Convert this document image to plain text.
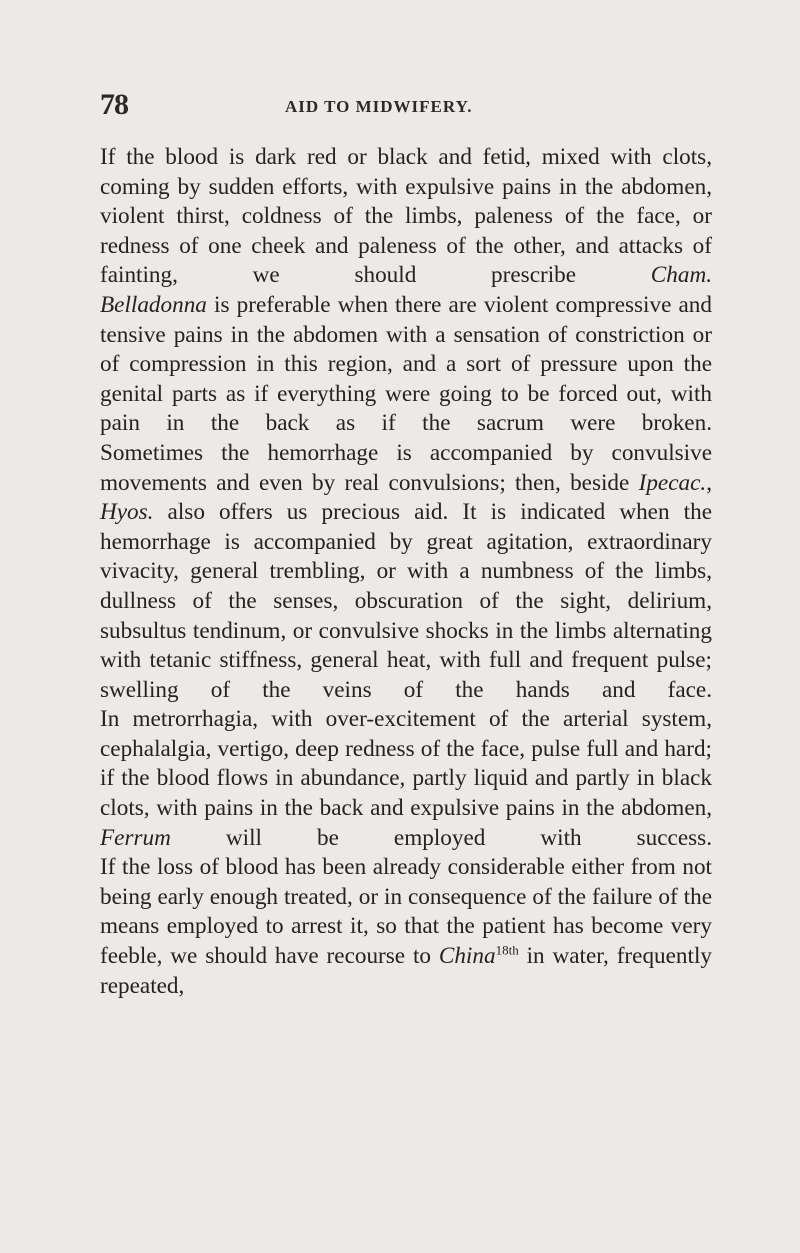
78	AID TO MIDWIFERY.

If the blood is dark red or black and fetid, mixed with clots, coming by sudden efforts, with expulsive pains in the abdomen, violent thirst, coldness of the limbs, paleness of the face, or redness of one cheek and paleness of the other, and attacks of fainting, we should prescribe Cham.

Belladonna is preferable when there are violent compressive and tensive pains in the abdomen with a sensation of constriction or of compression in this region, and a sort of pressure upon the genital parts as if everything were going to be forced out, with pain in the back as if the sacrum were broken.

Sometimes the hemorrhage is accompanied by convulsive movements and even by real convulsions; then, beside Ipecac., Hyos. also offers us precious aid. It is indicated when the hemorrhage is accompanied by great agitation, extraordinary vivacity, general trembling, or with a numbness of the limbs, dullness of the senses, obscuration of the sight, delirium, subsultus tendinum, or convulsive shocks in the limbs alternating with tetanic stiffness, general heat, with full and frequent pulse; swelling of the veins of the hands and face.

In metrorrhagia, with over-excitement of the arterial system, cephalalgia, vertigo, deep redness of the face, pulse full and hard; if the blood flows in abundance, partly liquid and partly in black clots, with pains in the back and expulsive pains in the abdomen, Ferrum will be employed with success.

If the loss of blood has been already considerable either from not being early enough treated, or in consequence of the failure of the means employed to arrest it, so that the patient has become very feeble, we should have recourse to China$^{18th}$ in water, frequently repeated,
